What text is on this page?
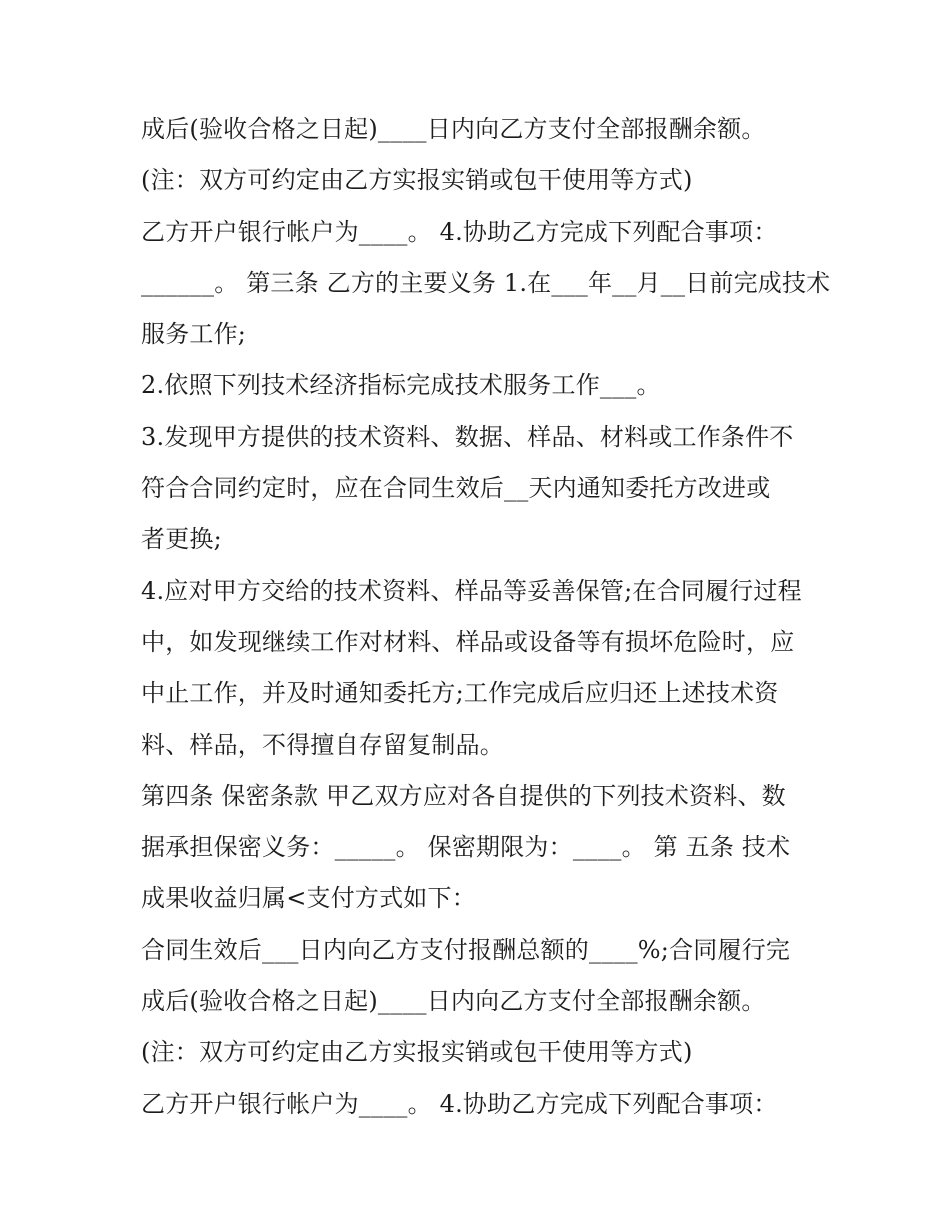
成后(验收合格之日起)____日内向乙方支付全部报酬余额。
(注：双方可约定由乙方实报实销或包干使用等方式)
乙方开户银行帐户为____。 4.协助乙方完成下列配合事项：
______。 第三条 乙方的主要义务 1.在___年__月__日前完成技术
服务工作;
2.依照下列技术经济指标完成技术服务工作___。
3.发现甲方提供的技术资料、数据、样品、材料或工作条件不
符合合同约定时，应在合同生效后__天内通知委托方改进或
者更换;
4.应对甲方交给的技术资料、样品等妥善保管;在合同履行过程
中，如发现继续工作对材料、样品或设备等有损坏危险时，应
中止工作，并及时通知委托方;工作完成后应归还上述技术资
料、样品，不得擅自存留复制品。
第四条 保密条款 甲乙双方应对各自提供的下列技术资料、数
据承担保密义务：_____。 保密期限为：____。 第 五条 技术
成果收益归属<支付方式如下：
合同生效后___日内向乙方支付报酬总额的____%;合同履行完
成后(验收合格之日起)____日内向乙方支付全部报酬余额。
(注：双方可约定由乙方实报实销或包干使用等方式)
乙方开户银行帐户为____。 4.协助乙方完成下列配合事项：
